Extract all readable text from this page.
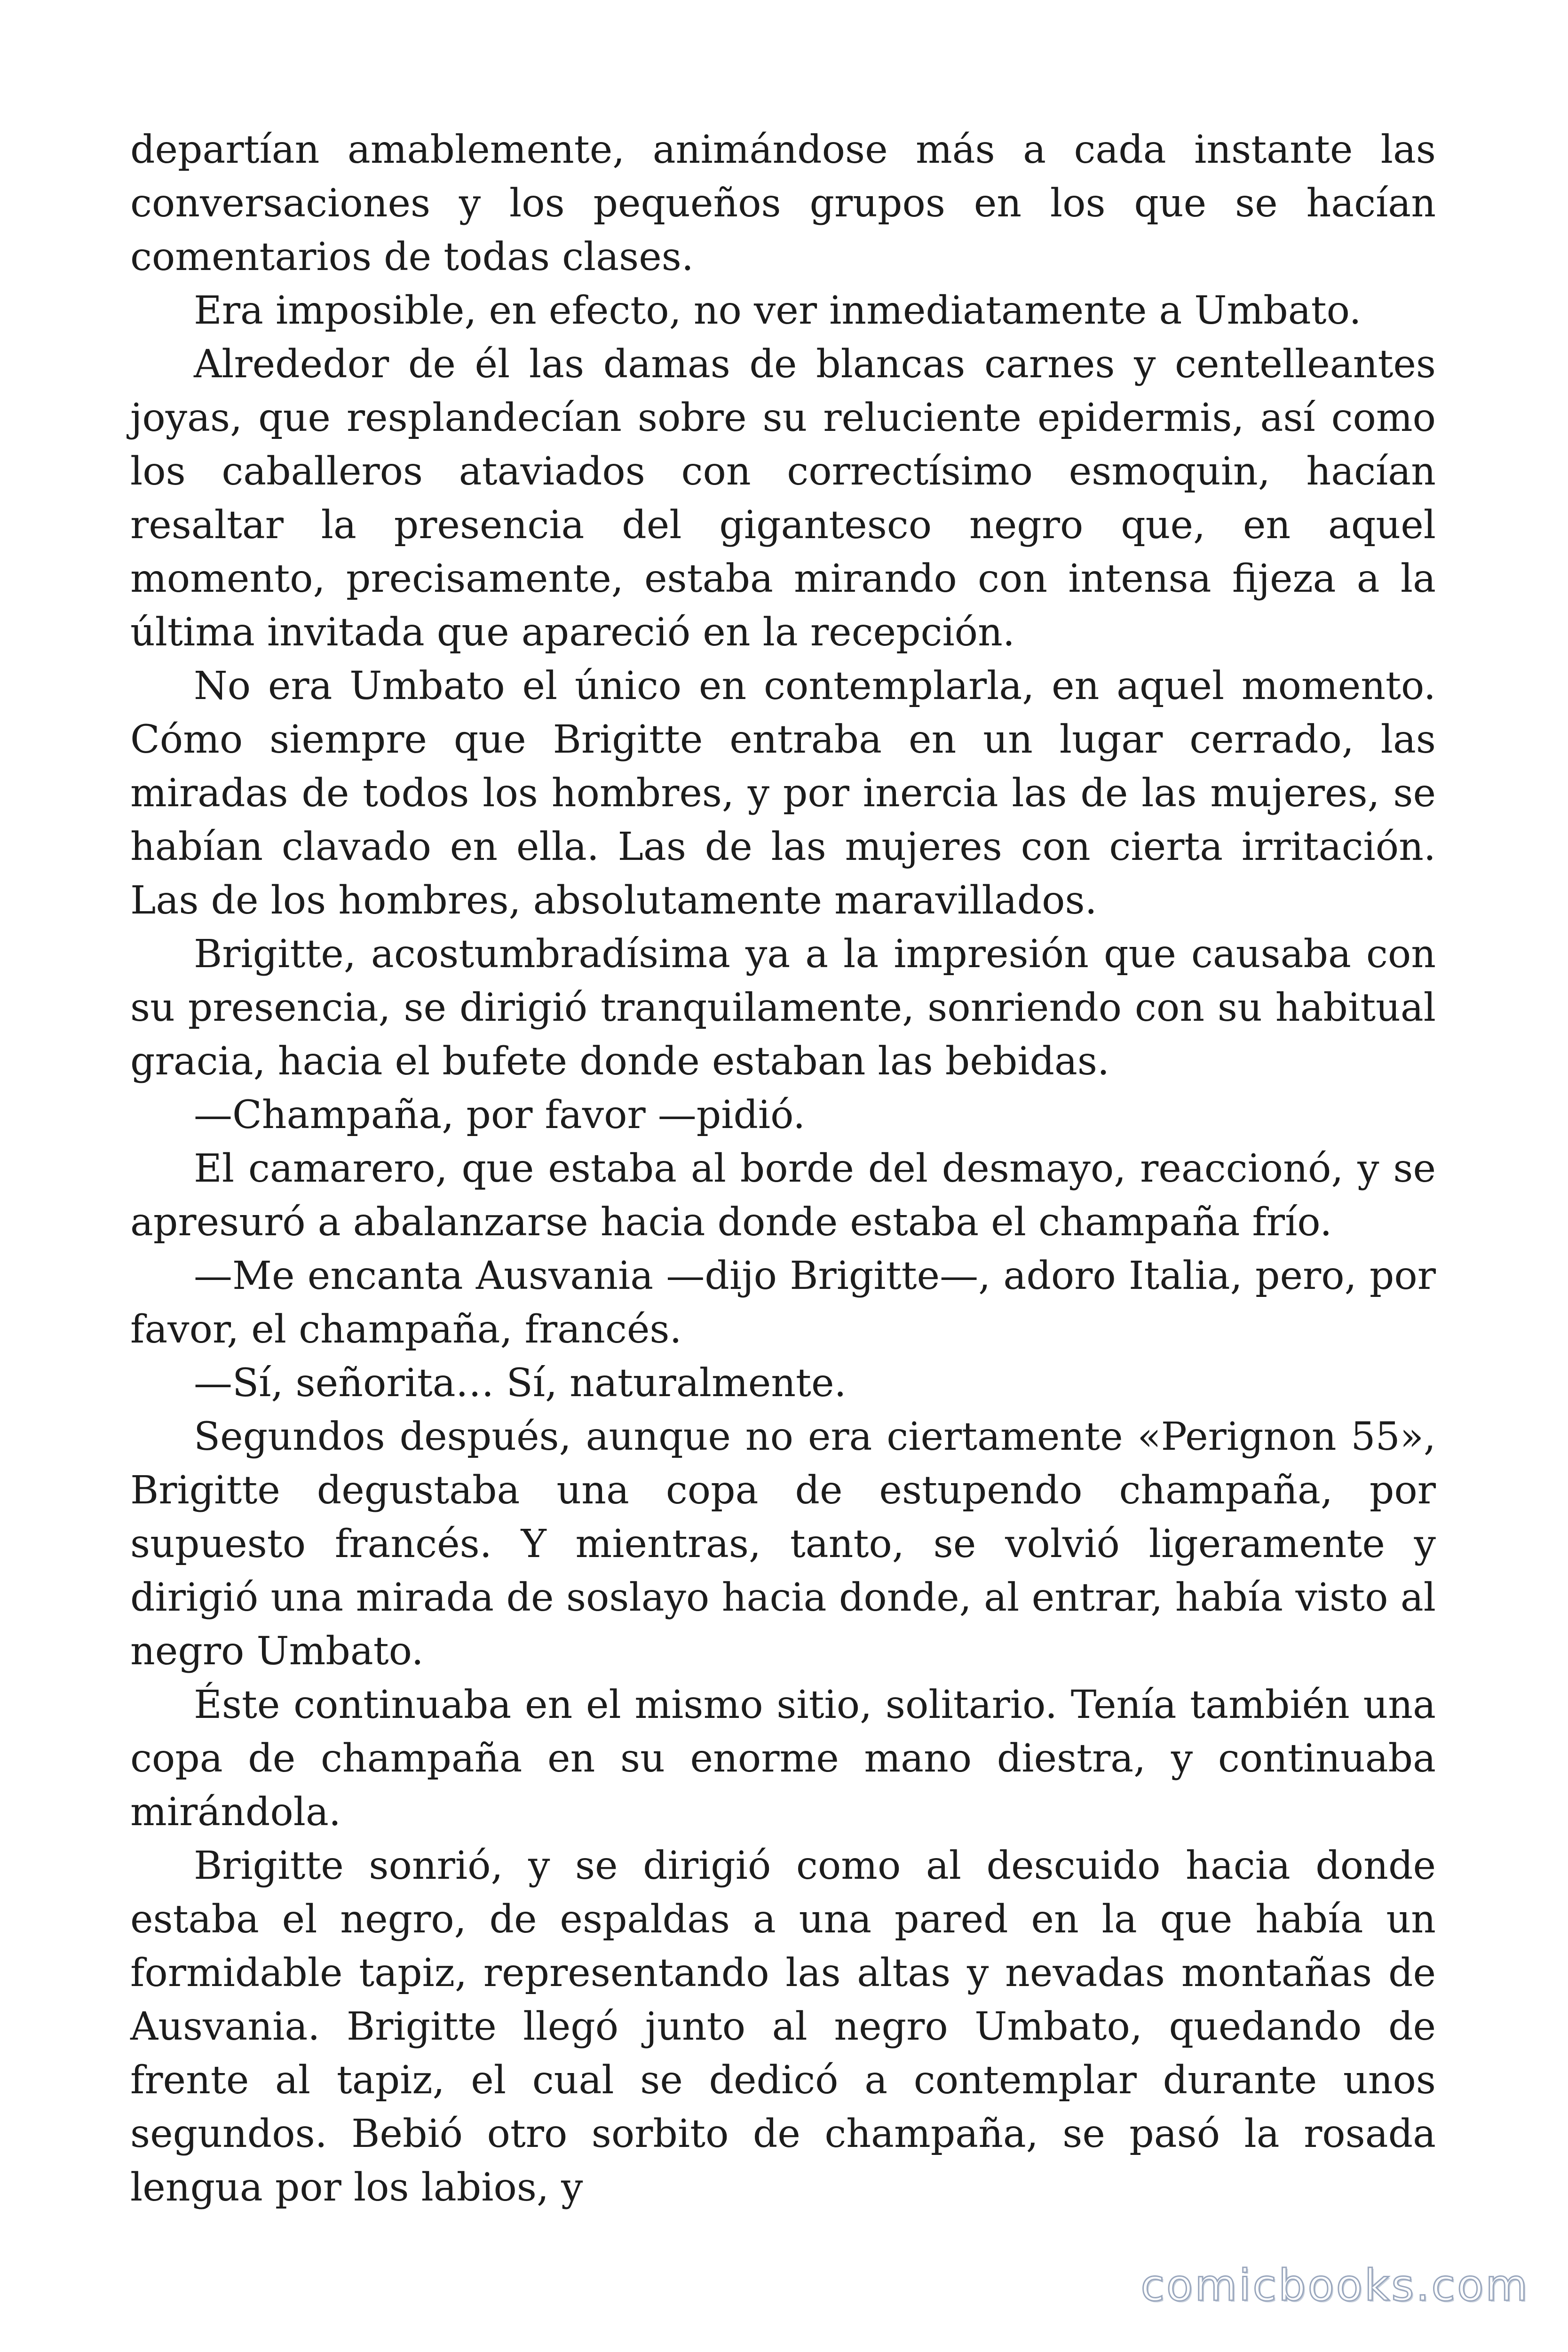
departían amablemente, animándose más a cada instante las conversaciones y los pequeños grupos en los que se hacían comentarios de todas clases.

Era imposible, en efecto, no ver inmediatamente a Umbato.

Alrededor de él las damas de blancas carnes y centelleantes joyas, que resplandecían sobre su reluciente epidermis, así como los caballeros ataviados con correctísimo esmoquin, hacían resaltar la presencia del gigantesco negro que, en aquel momento, precisamente, estaba mirando con intensa fijeza a la última invitada que apareció en la recepción.

No era Umbato el único en contemplarla, en aquel momento. Cómo siempre que Brigitte entraba en un lugar cerrado, las miradas de todos los hombres, y por inercia las de las mujeres, se habían clavado en ella. Las de las mujeres con cierta irritación. Las de los hombres, absolutamente maravillados.

Brigitte, acostumbradísima ya a la impresión que causaba con su presencia, se dirigió tranquilamente, sonriendo con su habitual gracia, hacia el bufete donde estaban las bebidas.

—Champaña, por favor —pidió.

El camarero, que estaba al borde del desmayo, reaccionó, y se apresuró a abalanzarse hacia donde estaba el champaña frío.

—Me encanta Ausvania —dijo Brigitte—, adoro Italia, pero, por favor, el champaña, francés.

—Sí, señorita… Sí, naturalmente.

Segundos después, aunque no era ciertamente «Perignon 55», Brigitte degustaba una copa de estupendo champaña, por supuesto francés. Y mientras, tanto, se volvió ligeramente y dirigió una mirada de soslayo hacia donde, al entrar, había visto al negro Umbato.

Éste continuaba en el mismo sitio, solitario. Tenía también una copa de champaña en su enorme mano diestra, y continuaba mirándola.

Brigitte sonrió, y se dirigió como al descuido hacia donde estaba el negro, de espaldas a una pared en la que había un formidable tapiz, representando las altas y nevadas montañas de Ausvania. Brigitte llegó junto al negro Umbato, quedando de frente al tapiz, el cual se dedicó a contemplar durante unos segundos. Bebió otro sorbito de champaña, se pasó la rosada lengua por los labios, y

comicbooks.com
